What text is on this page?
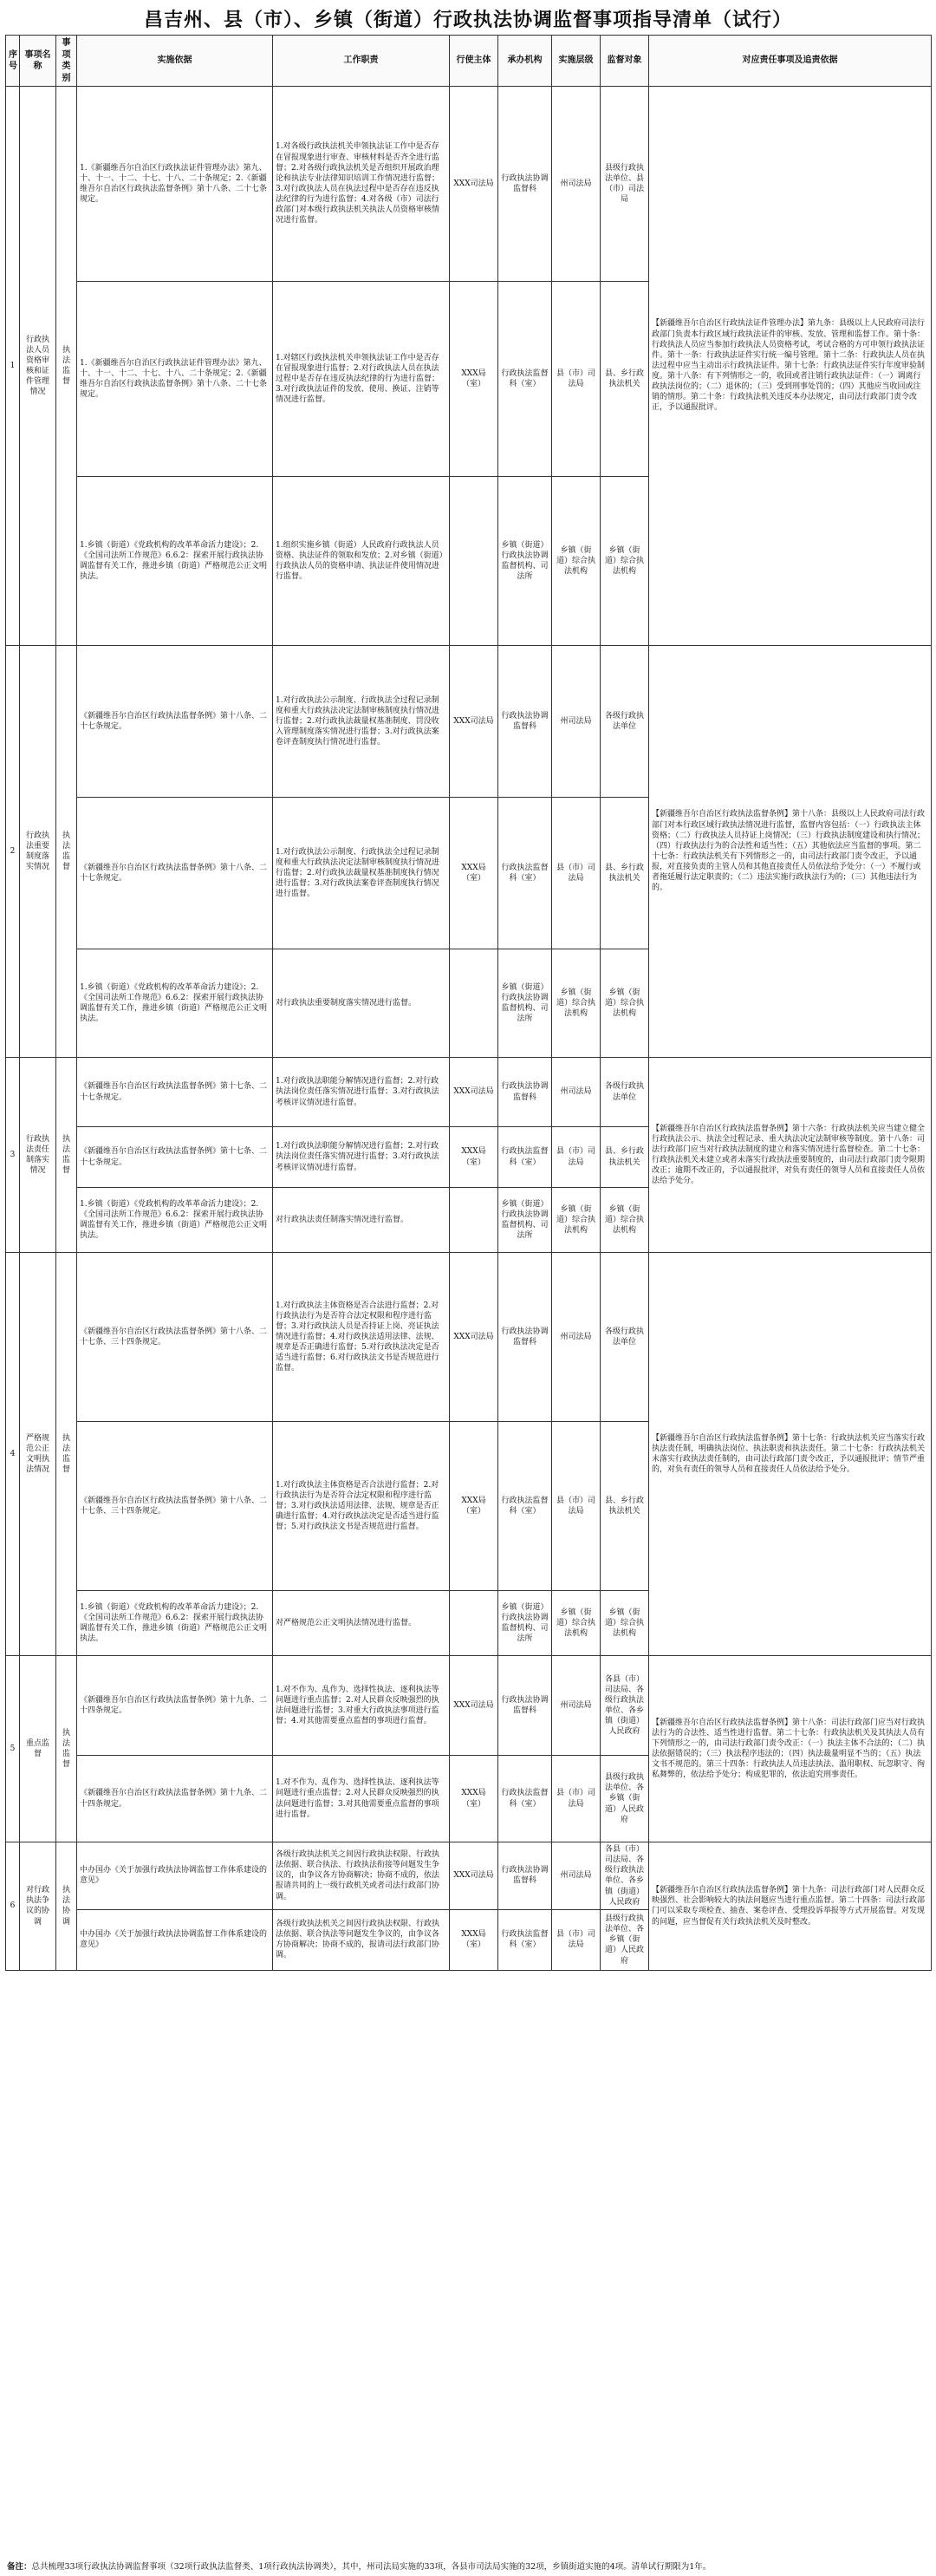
昌吉州、县（市）、乡镇（街道）行政执法协调监督事项指导清单（试行）
序号	事项名称	事项类别	实施依据	工作职责	行使主体	承办机构	实施层级	监督对象	对应责任事项及追责依据
1	行政执法人员资格审核和证件管理情况	执法监督	1.《新疆维吾尔自治区行政执法证件管理办法》第九、十、十一、十二、十七、十八、二十条规定；2.《新疆维吾尔自治区行政执法监督条例》第十八条、二十七条规定。	1.对各级行政执法机关申领执法证工作中是否存在冒报现象进行审查、审核材料是否齐全进行监督；2.对各级行政执法机关是否组织开展政治理论和执法专业法律知识培训工作情况进行监督；3.对行政执法人员在执法过程中是否存在违反执法纪律的行为进行监督；4.对各级（市）司法行政部门对本级行政执法机关执法人员资格审核情况进行监督。	XXX司法局	行政执法协调监督科	州司法局	县级行政执法单位、县（市）司法局	【新疆维吾尔自治区行政执法证件管理办法】第九条：县级以上人民政府司法行政部门负责本行政区域行政执法证件的审核、发放、管理和监督工作。第十条：行政执法人员应当参加行政执法人员资格考试，考试合格的方可申领行政执法证件。第十一条：行政执法证件实行统一编号管理。第十二条：行政执法人员在执法过程中应当主动出示行政执法证件。第十七条：行政执法证件实行年度审验制度。第十八条：有下列情形之一的，收回或者注销行政执法证件：（一）调离行政执法岗位的；（二）退休的；（三）受到刑事处罚的；（四）其他应当收回或注销的情形。第二十条：行政执法机关违反本办法规定，由司法行政部门责令改正，予以通报批评。
			1.《新疆维吾尔自治区行政执法证件管理办法》第九、十、十一、十二、十七、十八、二十条规定；2.《新疆维吾尔自治区行政执法监督条例》第十八条、二十七条规定。	1.对辖区行政执法机关申领执法证工作中是否存在冒报现象进行监督；2.对行政执法人员在执法过程中是否存在违反执法纪律的行为进行监督；3.对行政执法证件的发放、使用、换证、注销等情况进行监督。	XXX局（室）	行政执法监督科（室）	县（市）司法局	县、乡行政执法机关	
			1.乡镇（街道）《党政机构的改革革命活力建设》；2.《全国司法所工作规范》6.6.2：探索开展行政执法协调监督有关工作，推进乡镇（街道）严格规范公正文明执法。	1.组织实施乡镇（街道）人民政府行政执法人员资格、执法证件的领取和发放；2.对乡镇（街道）行政执法人员的资格申请、执法证件使用情况进行监督。		乡镇（街道）行政执法协调监督机构、司法所	乡镇（街道）综合执法机构	乡镇（街道）综合执法机构	
2	行政执法重要制度落实情况	执法监督	《新疆维吾尔自治区行政执法监督条例》第十八条、二十七条规定。	1.对行政执法公示制度、行政执法全过程记录制度和重大行政执法决定法制审核制度执行情况进行监督；2.对行政执法裁量权基准制度、罚没收入管理制度落实情况进行监督；3.对行政执法案卷评查制度执行情况进行监督。	XXX司法局	行政执法协调监督科	州司法局	各级行政执法单位	【新疆维吾尔自治区行政执法监督条例】第十八条：县级以上人民政府司法行政部门对本行政区域行政执法情况进行监督，监督内容包括：（一）行政执法主体资格；（二）行政执法人员持证上岗情况；（三）行政执法制度建设和执行情况；（四）行政执法行为的合法性和适当性；（五）其他依法应当监督的事项。第二十七条：行政执法机关有下列情形之一的，由司法行政部门责令改正，予以通报，对直接负责的主管人员和其他直接责任人员依法给予处分：（一）不履行或者拖延履行法定职责的；（二）违法实施行政执法行为的；（三）其他违法行为的。
			《新疆维吾尔自治区行政执法监督条例》第十八条、二十七条规定。	1.对行政执法公示制度、行政执法全过程记录制度和重大行政执法决定法制审核制度执行情况进行监督；2.对行政执法裁量权基准制度执行情况进行监督；3.对行政执法案卷评查制度执行情况进行监督。	XXX局（室）	行政执法监督科（室）	县（市）司法局	县、乡行政执法机关	
			1.乡镇（街道）《党政机构的改革革命活力建设》；2.《全国司法所工作规范》6.6.2：探索开展行政执法协调监督有关工作，推进乡镇（街道）严格规范公正文明执法。	对行政执法重要制度落实情况进行监督。		乡镇（街道）行政执法协调监督机构、司法所	乡镇（街道）综合执法机构	乡镇（街道）综合执法机构	
3	行政执法责任制落实情况	执法监督	《新疆维吾尔自治区行政执法监督条例》第十七条、二十七条规定。	1.对行政执法职能分解情况进行监督；2.对行政执法岗位责任落实情况进行监督；3.对行政执法考核评议情况进行监督。	XXX司法局	行政执法协调监督科	州司法局	各级行政执法单位	【新疆维吾尔自治区行政执法监督条例】第十六条：行政执法机关应当建立健全行政执法公示、执法全过程记录、重大执法决定法制审核等制度。第十八条：司法行政部门应当对行政执法制度的建立和落实情况进行监督检查。第二十七条：行政执法机关未建立或者未落实行政执法重要制度的，由司法行政部门责令限期改正；逾期不改正的，予以通报批评，对负有责任的领导人员和直接责任人员依法给予处分。
			《新疆维吾尔自治区行政执法监督条例》第十七条、二十七条规定。	1.对行政执法职能分解情况进行监督；2.对行政执法岗位责任落实情况进行监督；3.对行政执法考核评议情况进行监督。	XXX局（室）	行政执法监督科（室）	县（市）司法局	县、乡行政执法机关	
			1.乡镇（街道）《党政机构的改革革命活力建设》；2.《全国司法所工作规范》6.6.2：探索开展行政执法协调监督有关工作，推进乡镇（街道）严格规范公正文明执法。	对行政执法责任制落实情况进行监督。		乡镇（街道）行政执法协调监督机构、司法所	乡镇（街道）综合执法机构	乡镇（街道）综合执法机构	
4	严格规范公正文明执法情况	执法监督	《新疆维吾尔自治区行政执法监督条例》第十八条、二十七条、三十四条规定。	1.对行政执法主体资格是否合法进行监督；2.对行政执法行为是否符合法定权限和程序进行监督；3.对行政执法人员是否持证上岗、亮证执法情况进行监督；4.对行政执法适用法律、法规、规章是否正确进行监督；5.对行政执法决定是否适当进行监督；6.对行政执法文书是否规范进行监督。	XXX司法局	行政执法协调监督科	州司法局	各级行政执法单位	【新疆维吾尔自治区行政执法监督条例】第十七条：行政执法机关应当落实行政执法责任制，明确执法岗位、执法职责和执法责任。第二十七条：行政执法机关未落实行政执法责任制的，由司法行政部门责令改正，予以通报批评；情节严重的，对负有责任的领导人员和直接责任人员依法给予处分。
			《新疆维吾尔自治区行政执法监督条例》第十八条、二十七条、三十四条规定。	1.对行政执法主体资格是否合法进行监督；2.对行政执法行为是否符合法定权限和程序进行监督；3.对行政执法适用法律、法规、规章是否正确进行监督；4.对行政执法决定是否适当进行监督；5.对行政执法文书是否规范进行监督。	XXX局（室）	行政执法监督科（室）	县（市）司法局	县、乡行政执法机关	
			1.乡镇（街道）《党政机构的改革革命活力建设》；2.《全国司法所工作规范》6.6.2：探索开展行政执法协调监督有关工作，推进乡镇（街道）严格规范公正文明执法。	对严格规范公正文明执法情况进行监督。		乡镇（街道）行政执法协调监督机构、司法所	乡镇（街道）综合执法机构	乡镇（街道）综合执法机构	
5	重点监督	执法监督	《新疆维吾尔自治区行政执法监督条例》第十九条、二十四条规定。	1.对不作为、乱作为、选择性执法、逐利执法等问题进行重点监督；2.对人民群众反映强烈的执法问题进行监督；3.对重大行政执法事项进行监督；4.对其他需要重点监督的事项进行监督。	XXX司法局	行政执法协调监督科	州司法局	各县（市）司法局、各级行政执法单位、各乡镇（街道）人民政府	【新疆维吾尔自治区行政执法监督条例】第十八条：司法行政部门应当对行政执法行为的合法性、适当性进行监督。第二十七条：行政执法机关及其执法人员有下列情形之一的，由司法行政部门责令改正：（一）执法主体不合法的；（二）执法依据错误的；（三）执法程序违法的；（四）执法裁量明显不当的；（五）执法文书不规范的。第三十四条：行政执法人员违法执法、滥用职权、玩忽职守、徇私舞弊的，依法给予处分；构成犯罪的，依法追究刑事责任。
			《新疆维吾尔自治区行政执法监督条例》第十九条、二十四条规定。	1.对不作为、乱作为、选择性执法、逐利执法等问题进行重点监督；2.对人民群众反映强烈的执法问题进行监督；3.对其他需要重点监督的事项进行监督。	XXX局（室）	行政执法监督科（室）	县（市）司法局	县级行政执法单位、各乡镇（街道）人民政府	
6	对行政执法争议的协调	执法协调	中办国办《关于加强行政执法协调监督工作体系建设的意见》	各级行政执法机关之间因行政执法权限、行政执法依据、联合执法、行政执法衔接等问题发生争议的，由争议各方协商解决；协商不成的，依法报请共同的上一级行政机关或者司法行政部门协调。	XXX司法局	行政执法协调监督科	州司法局	各县（市）司法局、各级行政执法单位、各乡镇（街道）人民政府	【新疆维吾尔自治区行政执法监督条例】第十九条：司法行政部门对人民群众反映强烈、社会影响较大的执法问题应当进行重点监督。第二十四条：司法行政部门可以采取专项检查、抽查、案卷评查、受理投诉举报等方式开展监督。对发现的问题，应当督促有关行政执法机关及时整改。
			中办国办《关于加强行政执法协调监督工作体系建设的意见》	各级行政执法机关之间因行政执法权限、行政执法依据、联合执法等问题发生争议的，由争议各方协商解决；协商不成的，报请司法行政部门协调。	XXX局（室）	行政执法监督科（室）	县（市）司法局	县级行政执法单位、各乡镇（街道）人民政府	
备注：总共梳理33项行政执法协调监督事项（32项行政执法监督类、1项行政执法协调类），其中，州司法局实施的33项，各县市司法局实施的32项，乡镇街道实施的4项。清单试行期限为1年。
